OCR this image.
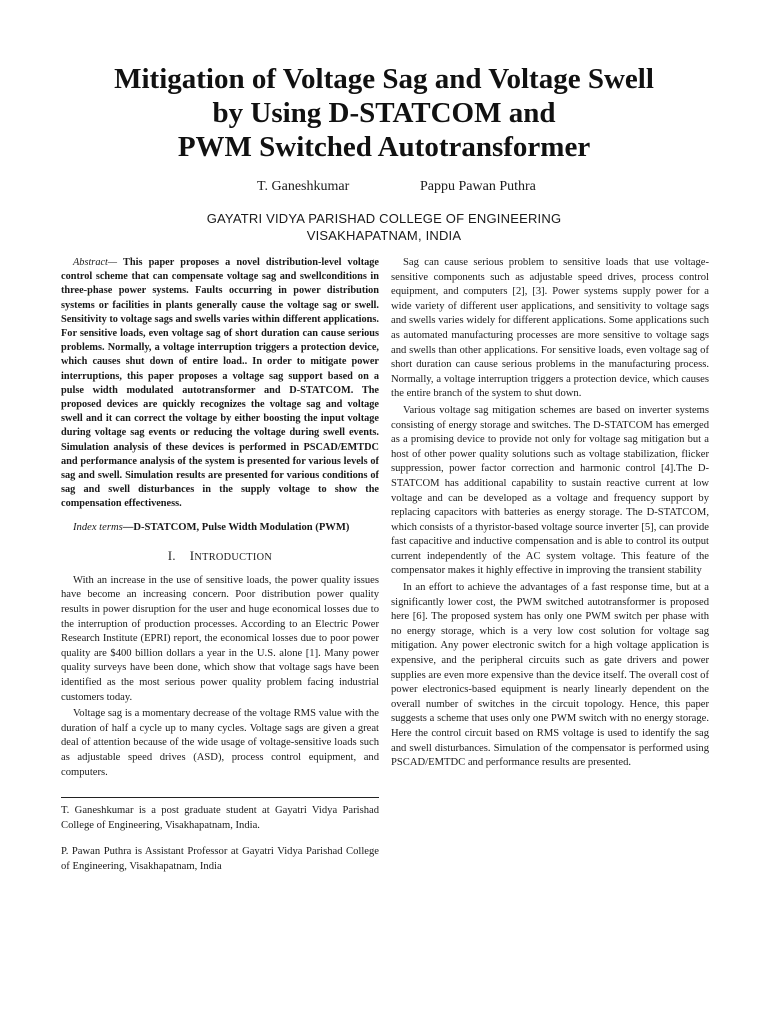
Mitigation of Voltage Sag and Voltage Swell
by Using D-STATCOM and
PWM Switched Autotransformer
T. Ganeshkumar	Pappu Pawan Puthra
GAYATRI VIDYA PARISHAD COLLEGE OF ENGINEERING
VISAKHAPATNAM, INDIA

Abstract— This paper proposes a novel distribution-level voltage control scheme that can compensate voltage sag and swellconditions in three-phase power systems. Faults occurring in power distribution systems or facilities in plants generally cause the voltage sag or swell. Sensitivity to voltage sags and swells varies within different applications. For sensitive loads, even voltage sag of short duration can cause serious problems. Normally, a voltage interruption triggers a protection device, which causes shut down of entire load.. In order to mitigate power interruptions, this paper proposes a voltage sag support based on a pulse width modulated autotransformer and D-STATCOM. The proposed devices are quickly recognizes the voltage sag and voltage swell and it can correct the voltage by either boosting the input voltage during voltage sag events or reducing the voltage during swell events. Simulation analysis of these devices is performed in PSCAD/EMTDC and performance analysis of the system is presented for various levels of sag and swell. Simulation results are presented for various conditions of sag and swell disturbances in the supply voltage to show the compensation effectiveness.

Index terms—D-STATCOM, Pulse Width Modulation (PWM)

I. INTRODUCTION

With an increase in the use of sensitive loads, the power quality issues have become an increasing concern. Poor distribution power quality results in power disruption for the user and huge economical losses due to the interruption of production processes. According to an Electric Power Research Institute (EPRI) report, the economical losses due to poor power quality are $400 billion dollars a year in the U.S. alone [1]. Many power quality surveys have been done, which show that voltage sags have been identified as the most serious power quality problem facing industrial customers today.

Voltage sag is a momentary decrease of the voltage RMS value with the duration of half a cycle up to many cycles. Voltage sags are given a great deal of attention because of the wide usage of voltage-sensitive loads such as adjustable speed drives (ASD), process control equipment, and computers.

T. Ganeshkumar is a post graduate student at Gayatri Vidya Parishad College of Engineering, Visakhapatnam, India.

P. Pawan Puthra is Assistant Professor at Gayatri Vidya Parishad College of Engineering, Visakhapatnam, India

Sag can cause serious problem to sensitive loads that use voltage-sensitive components such as adjustable speed drives, process control equipment, and computers [2], [3]. Power systems supply power for a wide variety of different user applications, and sensitivity to voltage sags and swells varies widely for different applications. Some applications such as automated manufacturing processes are more sensitive to voltage sags and swells than other applications. For sensitive loads, even voltage sag of short duration can cause serious problems in the manufacturing process. Normally, a voltage interruption triggers a protection device, which causes the entire branch of the system to shut down.

Various voltage sag mitigation schemes are based on inverter systems consisting of energy storage and switches. The D-STATCOM has emerged as a promising device to provide not only for voltage sag mitigation but a host of other power quality solutions such as voltage stabilization, flicker suppression, power factor correction and harmonic control [4].The D-STATCOM has additional capability to sustain reactive current at low voltage and can be developed as a voltage and frequency support by replacing capacitors with batteries as energy storage. The D-STATCOM, which consists of a thyristor-based voltage source inverter [5], can provide fast capacitive and inductive compensation and is able to control its output current independently of the AC system voltage. This feature of the compensator makes it highly effective in improving the transient stability

In an effort to achieve the advantages of a fast response time, but at a significantly lower cost, the PWM switched autotransformer is proposed here [6]. The proposed system has only one PWM switch per phase with no energy storage, which is a very low cost solution for voltage sag mitigation. Any power electronic switch for a high voltage application is expensive, and the peripheral circuits such as gate drivers and power supplies are even more expensive than the device itself. The overall cost of power electronics-based equipment is nearly linearly dependent on the overall number of switches in the circuit topology. Hence, this paper suggests a scheme that uses only one PWM switch with no energy storage. Here the control circuit based on RMS voltage is used to identify the sag and swell disturbances. Simulation of the compensator is performed using PSCAD/EMTDC and performance results are presented.
